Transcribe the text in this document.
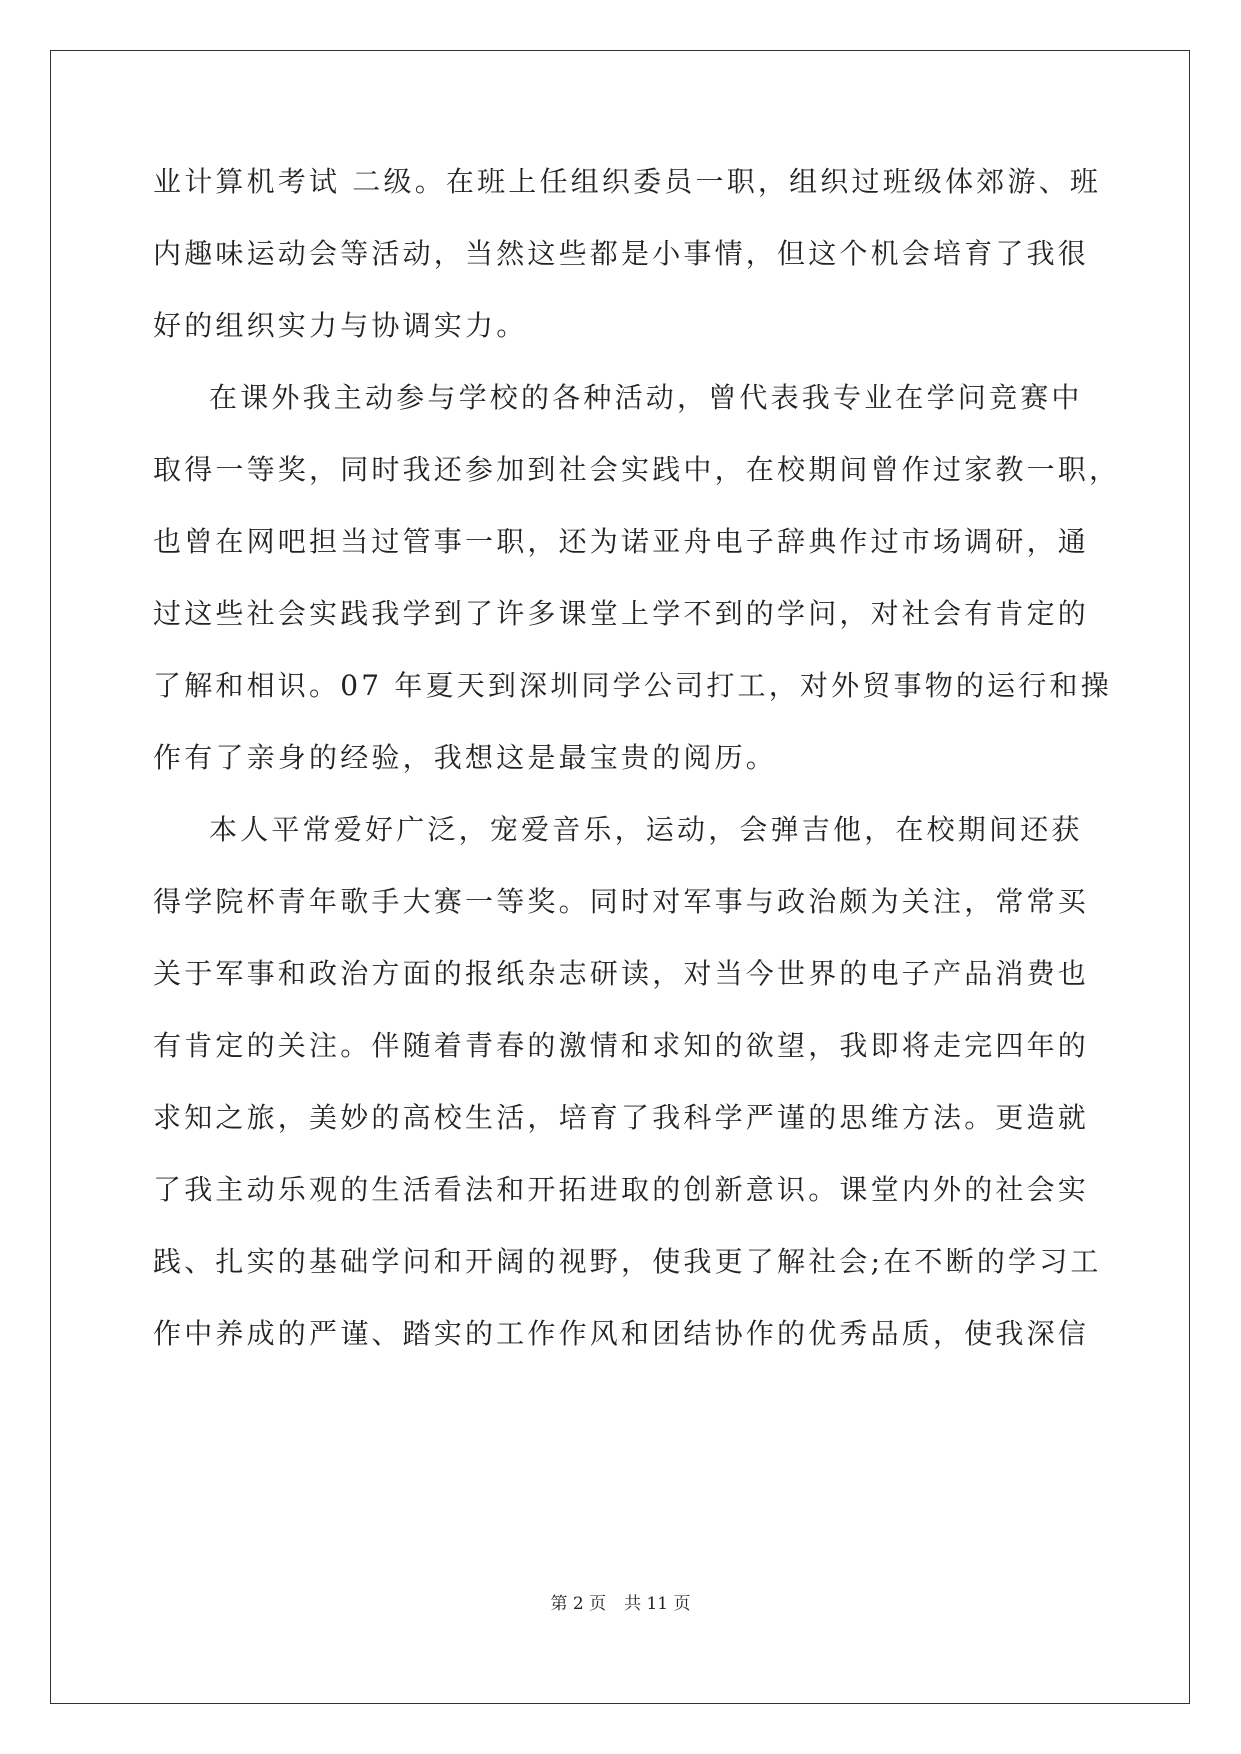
业计算机考试 二级。在班上任组织委员一职，组织过班级体郊游、班
内趣味运动会等活动，当然这些都是小事情，但这个机会培育了我很
好的组织实力与协调实力。
在课外我主动参与学校的各种活动，曾代表我专业在学问竞赛中
取得一等奖，同时我还参加到社会实践中，在校期间曾作过家教一职，
也曾在网吧担当过管事一职，还为诺亚舟电子辞典作过市场调研，通
过这些社会实践我学到了许多课堂上学不到的学问，对社会有肯定的
了解和相识。07 年夏天到深圳同学公司打工，对外贸事物的运行和操
作有了亲身的经验，我想这是最宝贵的阅历。
本人平常爱好广泛，宠爱音乐，运动，会弹吉他，在校期间还获
得学院杯青年歌手大赛一等奖。同时对军事与政治颇为关注，常常买
关于军事和政治方面的报纸杂志研读，对当今世界的电子产品消费也
有肯定的关注。伴随着青春的激情和求知的欲望，我即将走完四年的
求知之旅，美妙的高校生活，培育了我科学严谨的思维方法。更造就
了我主动乐观的生活看法和开拓进取的创新意识。课堂内外的社会实
践、扎实的基础学问和开阔的视野，使我更了解社会;在不断的学习工
作中养成的严谨、踏实的工作作风和团结协作的优秀品质，使我深信
第 2 页 共 11 页
